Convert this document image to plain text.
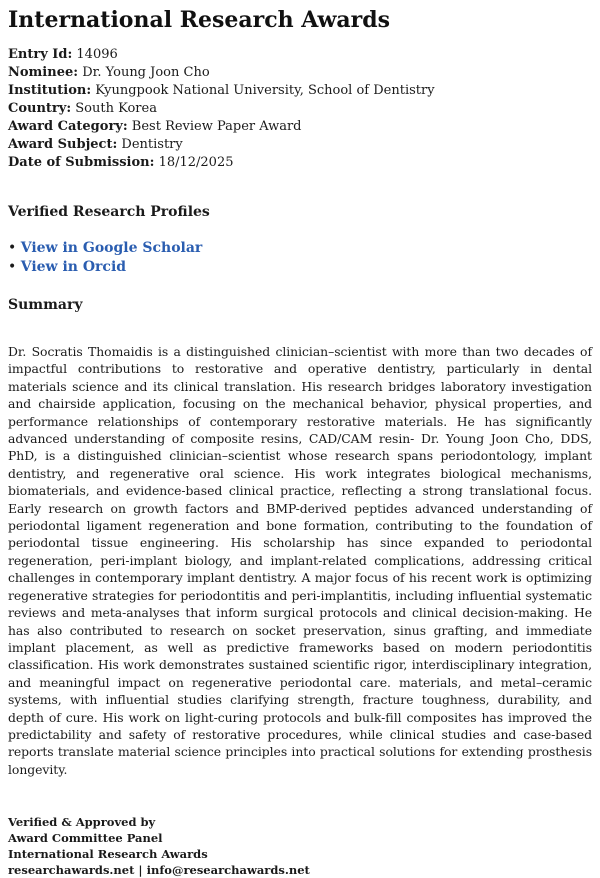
International Research Awards
Entry Id: 14096
Nominee: Dr. Young Joon Cho
Institution: Kyungpook National University, School of Dentistry
Country: South Korea
Award Category: Best Review Paper Award
Award Subject: Dentistry
Date of Submission: 18/12/2025
Verified Research Profiles
• View in Google Scholar
• View in Orcid
Summary

Dr. Socratis Thomaidis is a distinguished clinician–scientist with more than two decades of impactful contributions to restorative and operative dentistry, particularly in dental materials science and its clinical translation. His research bridges laboratory investigation and chairside application, focusing on the mechanical behavior, physical properties, and performance relationships of contemporary restorative materials. He has significantly advanced understanding of composite resins, CAD/CAM resin- Dr. Young Joon Cho, DDS, PhD, is a distinguished clinician–scientist whose research spans periodontology, implant dentistry, and regenerative oral science. His work integrates biological mechanisms, biomaterials, and evidence-based clinical practice, reflecting a strong translational focus. Early research on growth factors and BMP-derived peptides advanced understanding of periodontal ligament regeneration and bone formation, contributing to the foundation of periodontal tissue engineering. His scholarship has since expanded to periodontal regeneration, peri-implant biology, and implant-related complications, addressing critical challenges in contemporary implant dentistry. A major focus of his recent work is optimizing regenerative strategies for periodontitis and peri-implantitis, including influential systematic reviews and meta-analyses that inform surgical protocols and clinical decision-making. He has also contributed to research on socket preservation, sinus grafting, and immediate implant placement, as well as predictive frameworks based on modern periodontitis classification. His work demonstrates sustained scientific rigor, interdisciplinary integration, and meaningful impact on regenerative periodontal care. materials, and metal–ceramic systems, with influential studies clarifying strength, fracture toughness, durability, and depth of cure. His work on light-curing protocols and bulk-fill composites has improved the predictability and safety of restorative procedures, while clinical studies and case-based reports translate material science principles into practical solutions for extending prosthesis longevity.

Verified & Approved by
Award Committee Panel
International Research Awards
researchawards.net | info@researchawards.net
